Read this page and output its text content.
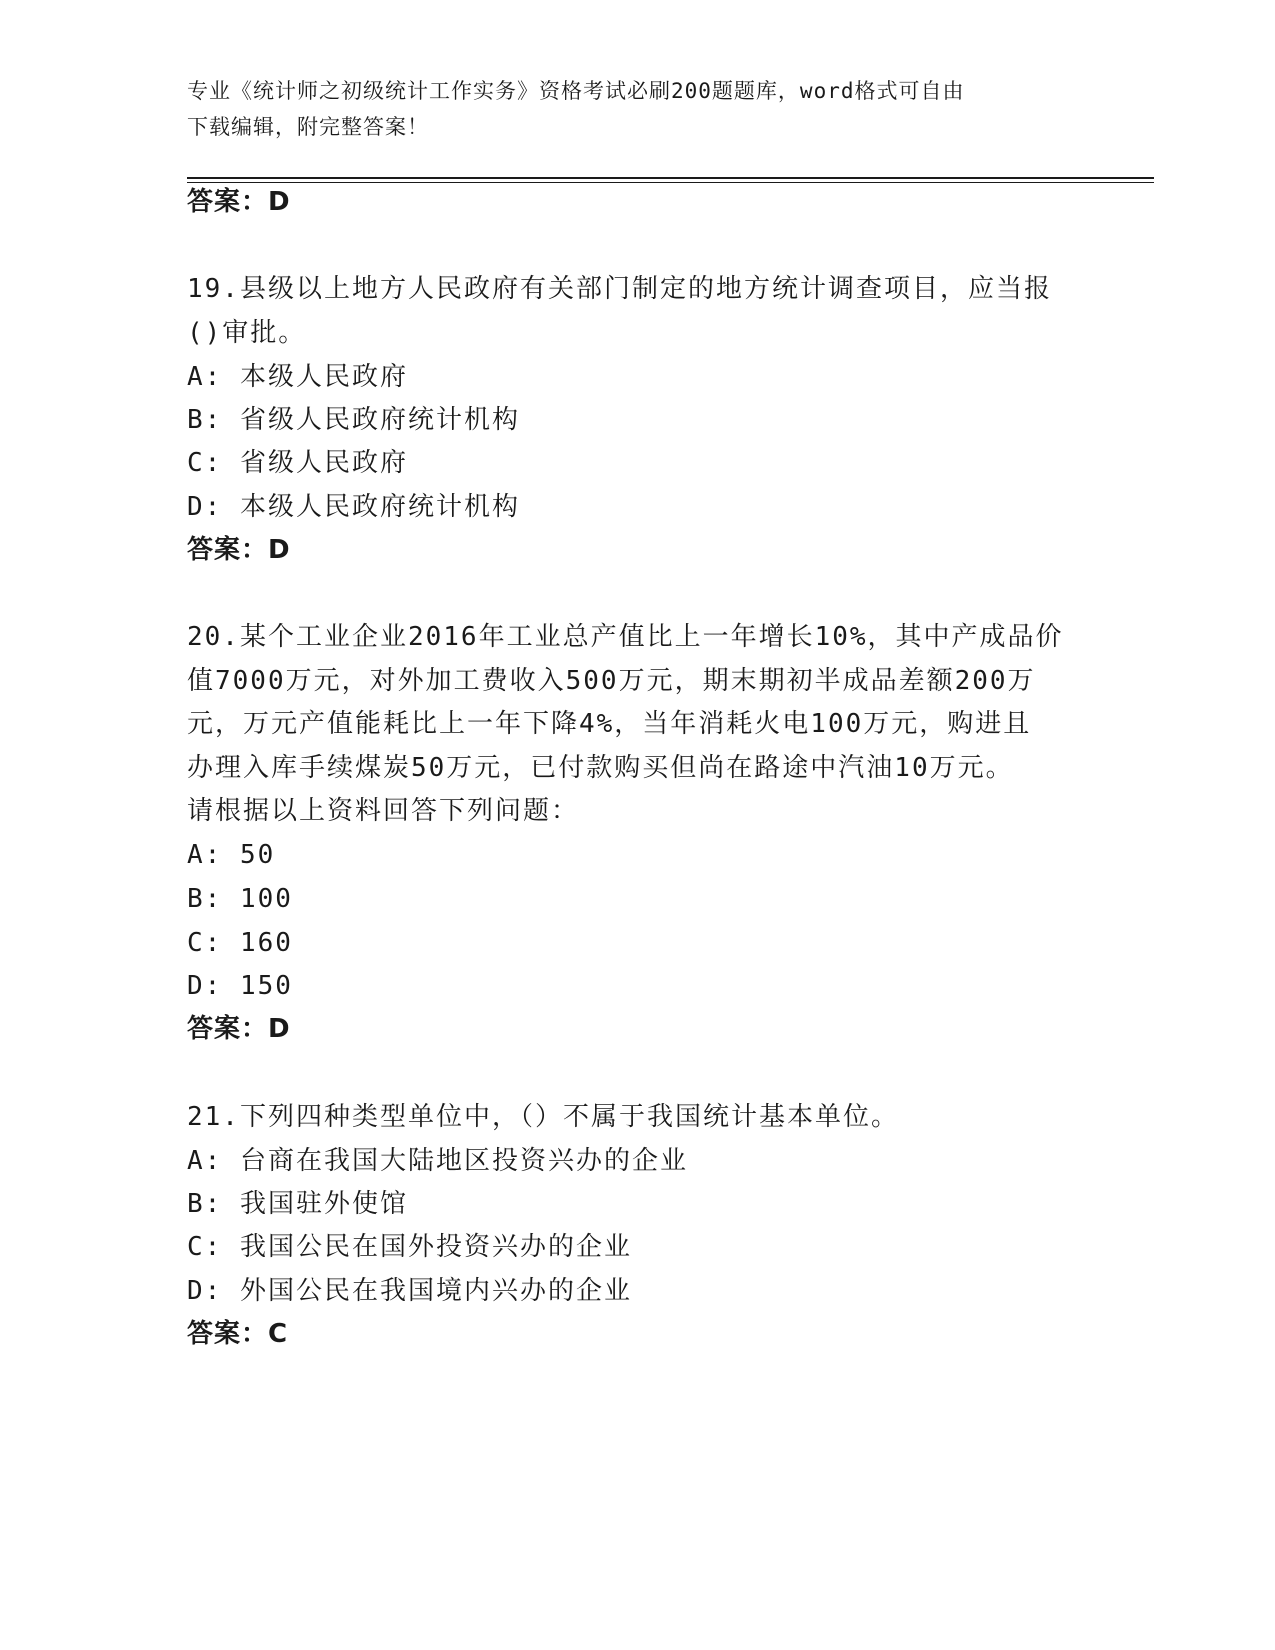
专业《统计师之初级统计工作实务》资格考试必刷200题题库，word格式可自由
下载编辑，附完整答案！
答案：D
19.县级以上地方人民政府有关部门制定的地方统计调查项目，应当报
()审批。
A: 本级人民政府
B: 省级人民政府统计机构
C: 省级人民政府
D: 本级人民政府统计机构
答案：D
20.某个工业企业2016年工业总产值比上一年增长10%，其中产成品价
值7000万元，对外加工费收入500万元，期末期初半成品差额200万
元，万元产值能耗比上一年下降4%，当年消耗火电100万元，购进且
办理入库手续煤炭50万元，已付款购买但尚在路途中汽油10万元。
请根据以上资料回答下列问题：
A: 50
B: 100
C: 160
D: 150
答案：D
21.下列四种类型单位中，（）不属于我国统计基本单位。
A: 台商在我国大陆地区投资兴办的企业
B: 我国驻外使馆
C: 我国公民在国外投资兴办的企业
D: 外国公民在我国境内兴办的企业
答案：C
